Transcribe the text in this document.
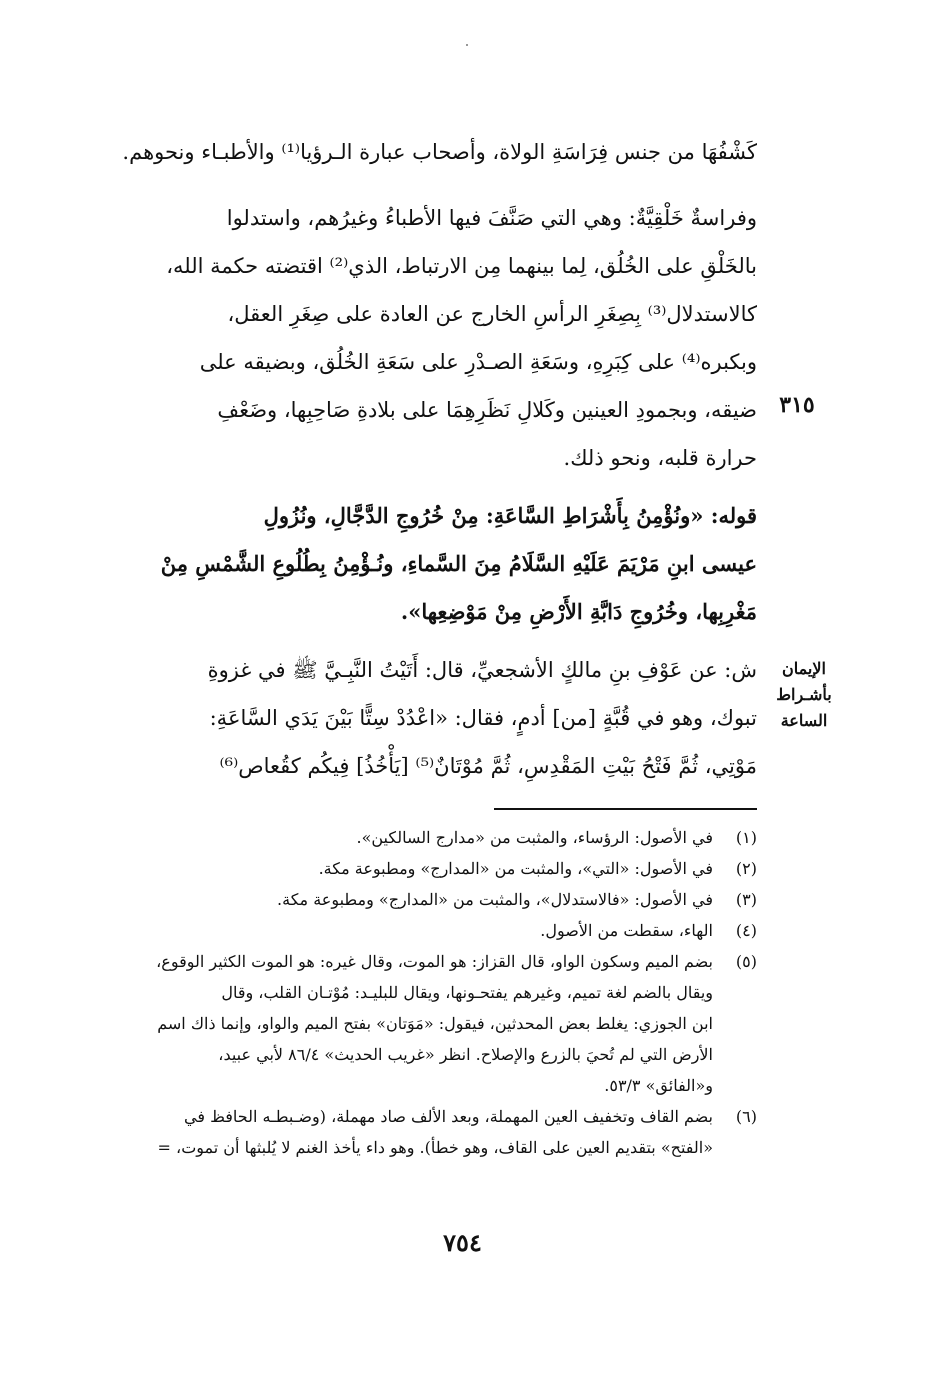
كَشْفُهَا من جنس فِرَاسَةِ الولاة، وأصحاب عبارة الـرؤيا⁽¹⁾ والأطبـاء ونحوهم.
وفراسةٌ خَلْقِيَّةٌ: وهي التي صَنَّفَ فيها الأطباءُ وغيرُهم، واستدلوا
بالخَلْقِ على الخُلُق، لِما بينهما مِن الارتباط، الذي⁽²⁾ اقتضته حكمة الله،
كالاستدلال⁽³⁾ بِصِغَرِ الرأسِ الخارج عن العادة على صِغَرِ العقل،
وبكبره⁽⁴⁾ على كِبَرِهِ، وسَعَةِ الصـدْرِ على سَعَةِ الخُلُق، وبضيقه على
ضيقه، وبجمودِ العينين وكَلالِ نَظَرِهِمَا على بلادةِ صَاحِبِها، وضَعْفِ
حرارة قلبه، ونحو ذلك.
٣١٥
قوله: «ونُؤْمِنُ بِأَشْرَاطِ السَّاعَةِ: مِنْ خُرُوجِ الدَّجَّالِ، ونُزُولِ
عيسى ابنِ مَرْيَمَ عَلَيْهِ السَّلَامُ مِنَ السَّماءِ، ونُـؤْمِنُ بِطُلُوعِ الشَّمْسِ مِنْ
مَغْرِبِها، وخُرُوجِ دَابَّةِ الأَرْضِ مِنْ مَوْضِعِها».
الإيمان بأشـراط
الساعة
ش: عن عَوْفِ بنِ مالكٍ الأشجعيِّ، قال: أَتَيْتُ النَّبِـيَّ ﷺ في غزوةِ
تبوك، وهو في قُبَّةٍ [من] أدمٍ، فقال: «اعْدُدْ سِتًّا بَيْنَ يَدَي السَّاعَةِ:
مَوْتِي، ثُمَّ فَتْحُ بَيْتِ المَقْدِسِ، ثُمَّ مُوْتَانٌ⁽⁵⁾ [يَأْخُذُ] فِيكُم كقُعاص⁽⁶⁾
(١)
في الأصول: الرؤساء، والمثبت من «مدارج السالكين».
(٢)
في الأصول: «التي»، والمثبت من «المدارج» ومطبوعة مكة.
(٣)
في الأصول: «فالاستدلال»، والمثبت من «المدارج» ومطبوعة مكة.
(٤)
الهاء، سقطت من الأصول.
(٥)
بضم الميم وسكون الواو، قال القزاز: هو الموت، وقال غيره: هو الموت الكثير الوقوع،
ويقال بالضم لغة تميم، وغيرهم يفتحـونها، ويقال للبليـد: مُوْتـان القلب، وقال
ابن الجوزي: يغلط بعض المحدثين، فيقول: «مَوَتان» بفتح الميم والواو، وإنما ذاك اسم
الأرض التي لم تُحيَ بالزرع والإصلاح. انظر «غريب الحديث» ٨٦/٤ لأبي عبيد،
و«الفائق» ٥٣/٣.
(٦)
بضم القاف وتخفيف العين المهملة، وبعد الألف صاد مهملة، (وضـبطـه الحافظ في
«الفتح» بتقديم العين على القاف، وهو خطأ). وهو داء يأخذ الغنم لا يُلبثها أن تموت، =
٧٥٤
